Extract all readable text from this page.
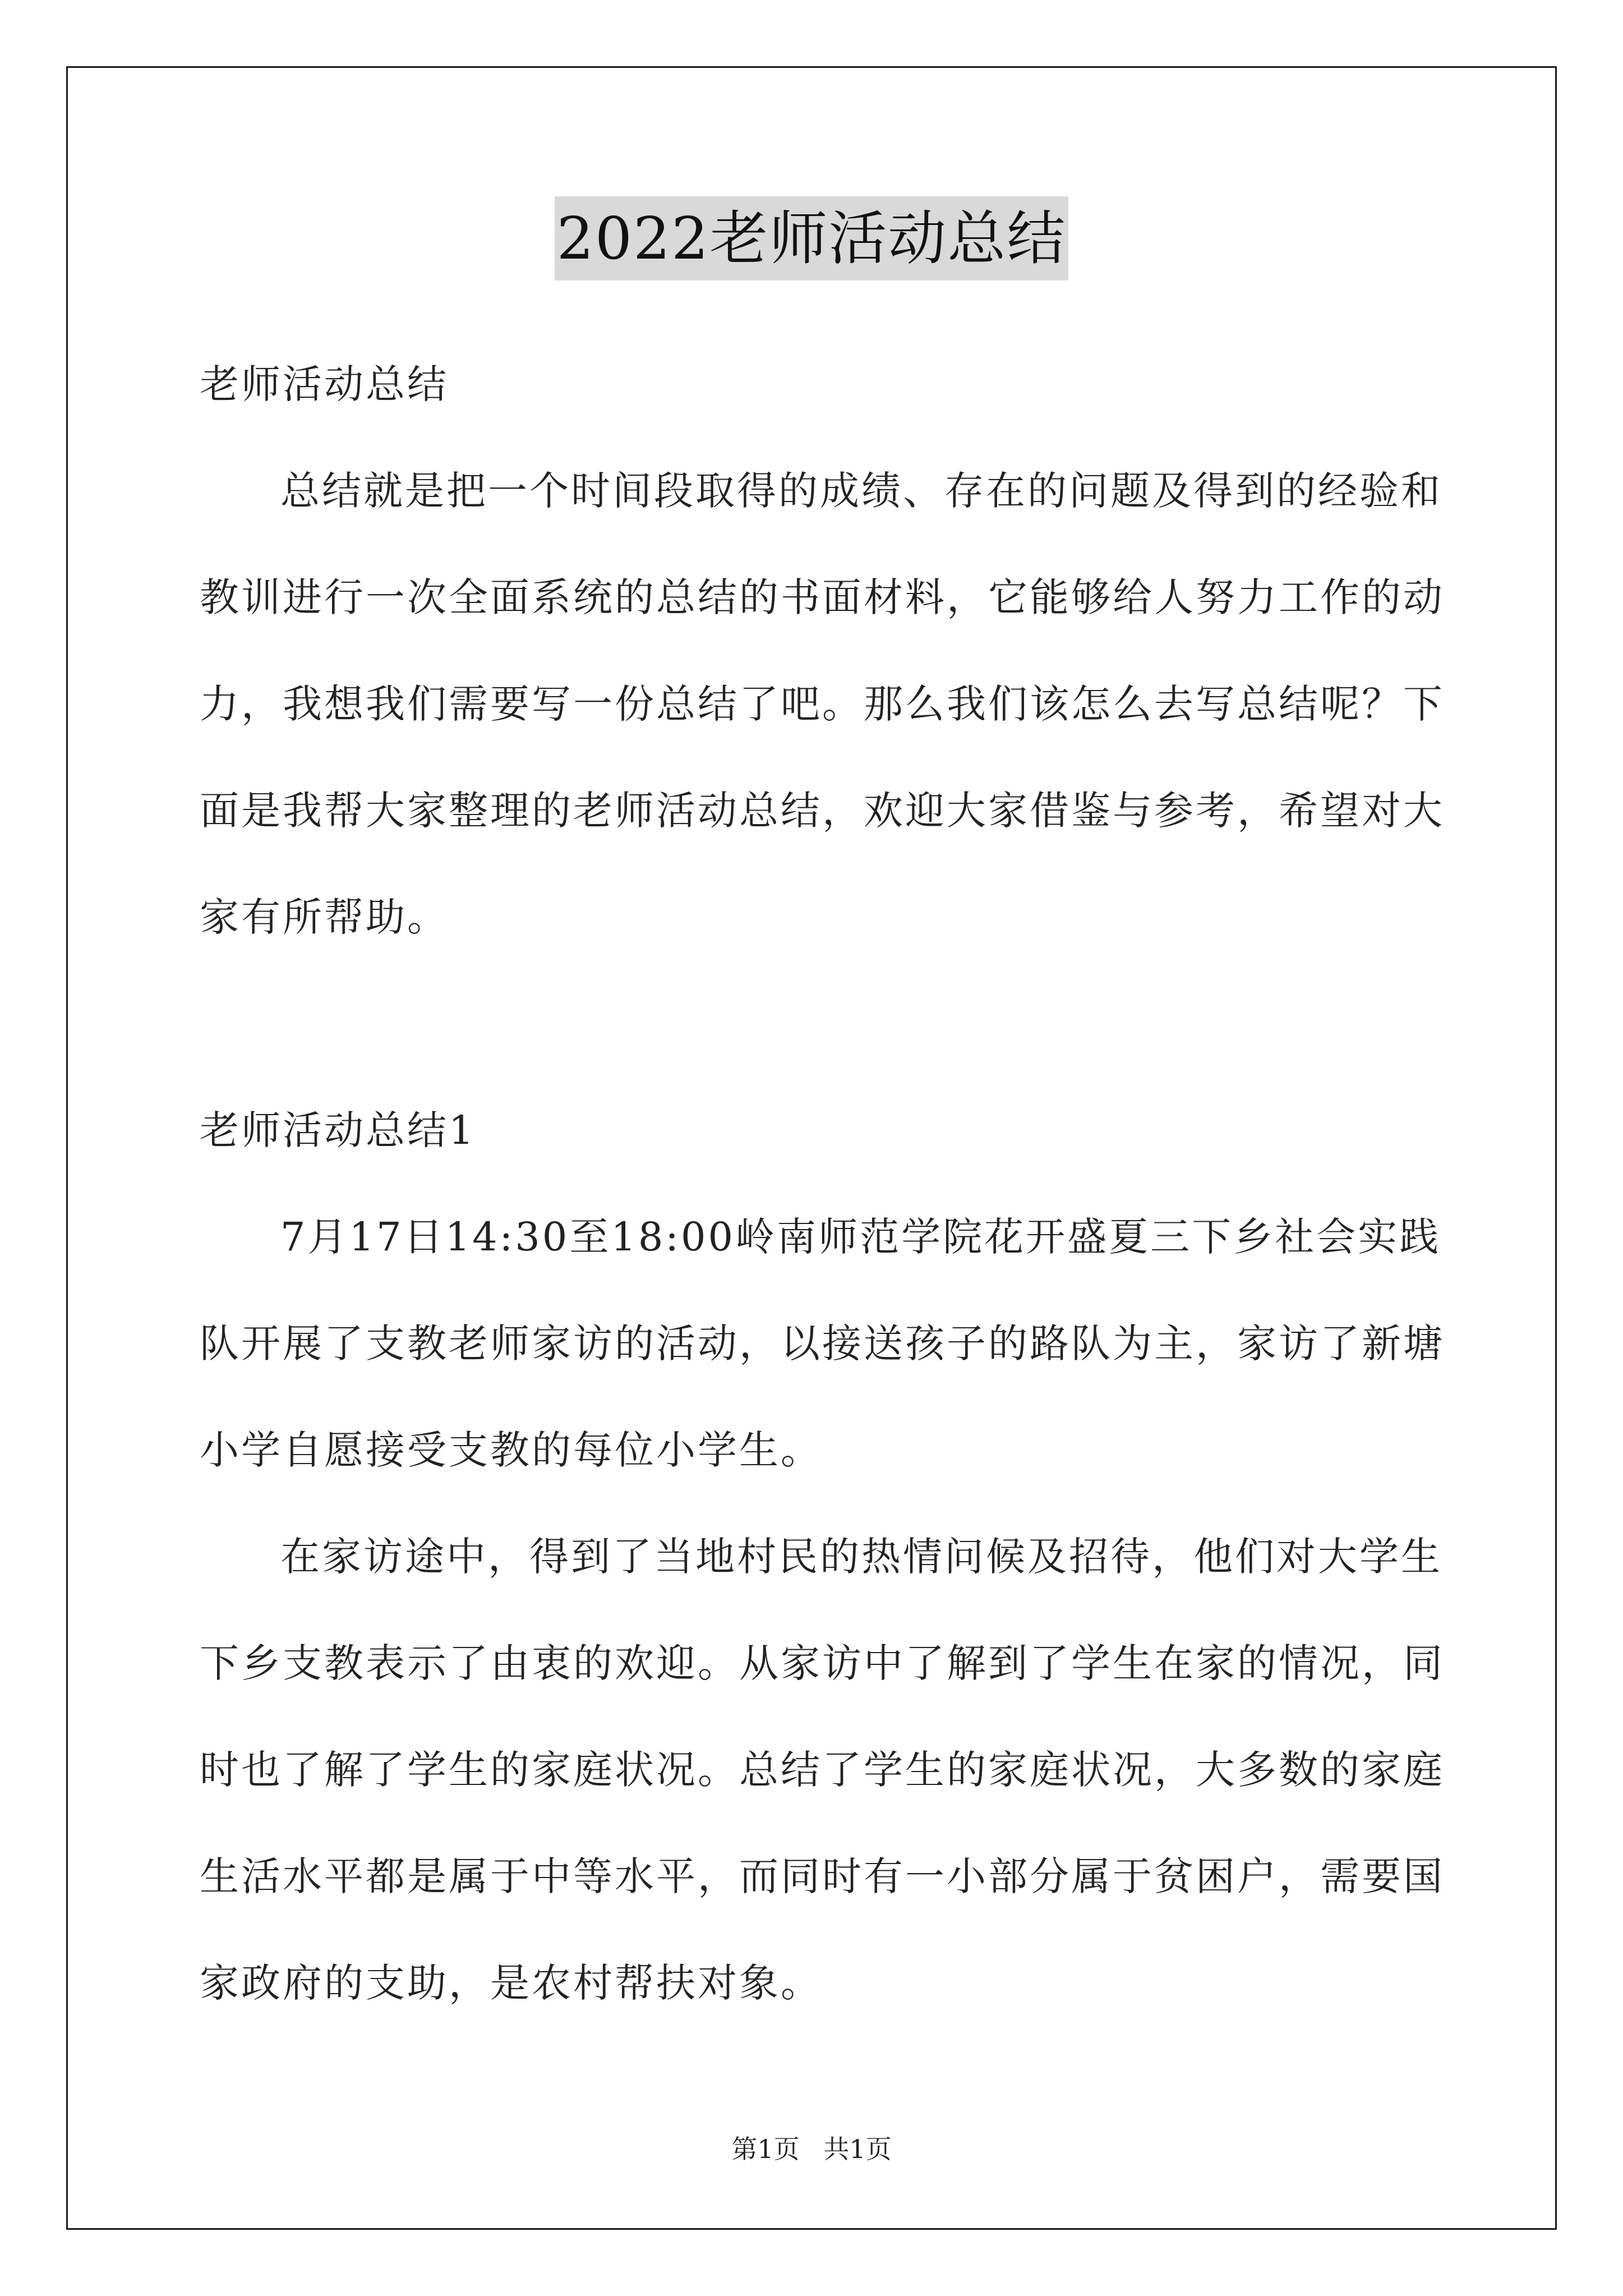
2022老师活动总结
老师活动总结
总结就是把一个时间段取得的成绩、存在的问题及得到的经验和
教训进行一次全面系统的总结的书面材料，它能够给人努力工作的动
力，我想我们需要写一份总结了吧。那么我们该怎么去写总结呢？下
面是我帮大家整理的老师活动总结，欢迎大家借鉴与参考，希望对大
家有所帮助。
老师活动总结1
7月17日14:30至18:00岭南师范学院花开盛夏三下乡社会实践
队开展了支教老师家访的活动，以接送孩子的路队为主，家访了新塘
小学自愿接受支教的每位小学生。
在家访途中，得到了当地村民的热情问候及招待，他们对大学生
下乡支教表示了由衷的欢迎。从家访中了解到了学生在家的情况，同
时也了解了学生的家庭状况。总结了学生的家庭状况，大多数的家庭
生活水平都是属于中等水平，而同时有一小部分属于贫困户，需要国
家政府的支助，是农村帮扶对象。
第1页 共1页
